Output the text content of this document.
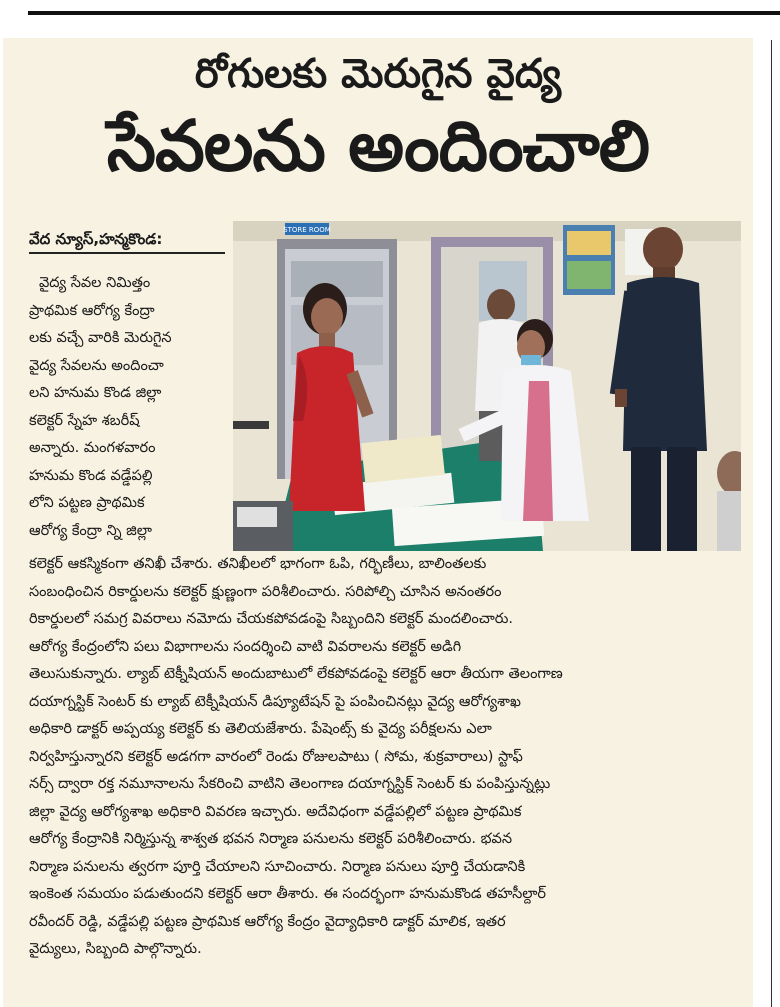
రోగులకు మెరుగైన వైద్య
సేవలను అందించాలి
వేద న్యూస్,హన్మకొండ:	STORE ROOM
వైద్య సేవల నిమిత్తం
ప్రాథమిక ఆరోగ్య కేంద్రా
లకు వచ్చే వారికి మెరుగైన
వైద్య సేవలను అందించా
లని హనుమ కొండ జిల్లా
కలెక్టర్ స్నేహ శబరీష్
అన్నారు. మంగళవారం
హనుమ కొండ వడ్డేపల్లి
లోని పట్టణ ప్రాథమిక
ఆరోగ్య కేంద్రా న్ని జిల్లా
కలెక్టర్ ఆకస్మికంగా తనిఖీ చేశారు. తనిఖీలలో భాగంగా ఓపి, గర్భిణీలు, బాలింతలకు
సంబంధించిన రికార్డులను కలెక్టర్ క్షుణ్ణంగా పరిశీలించారు. సరిపోల్చి చూసిన అనంతరం
రికార్డులలో సమగ్ర వివరాలు నమోదు చేయకపోవడంపై సిబ్బందిని కలెక్టర్ మందలించారు.
ఆరోగ్య కేంద్రంలోని పలు విభాగాలను సందర్శించి వాటి వివరాలను కలెక్టర్ అడిగి
తెలుసుకున్నారు. ల్యాబ్ టెక్నీషియన్ అందుబాటులో లేకపోవడంపై కలెక్టర్ ఆరా తీయగా తెలంగాణ
దయాగ్నస్టిక్ సెంటర్ కు ల్యాబ్ టెక్నీషియన్ డిప్యూటేషన్ పై పంపించినట్లు వైద్య ఆరోగ్యశాఖ
అధికారి డాక్టర్ అప్పయ్య కలెక్టర్ కు తెలియజేశారు. పేషెంట్స్ కు వైద్య పరీక్షలను ఎలా
నిర్వహిస్తున్నారని కలెక్టర్ అడగగా వారంలో రెండు రోజులపాటు ( సోమ, శుక్రవారాలు) స్టాఫ్
నర్స్ ద్వారా రక్త నమూనాలను సేకరించి వాటిని తెలంగాణ దయాగ్నస్టిక్ సెంటర్ కు పంపిస్తున్నట్లు
జిల్లా వైద్య ఆరోగ్యశాఖ అధికారి వివరణ ఇచ్చారు. అదేవిధంగా వడ్డేపల్లిలో పట్టణ ప్రాథమిక
ఆరోగ్య కేంద్రానికి నిర్మిస్తున్న శాశ్వత భవన నిర్మాణ పనులను కలెక్టర్ పరిశీలించారు. భవన
నిర్మాణ పనులను త్వరగా పూర్తి చేయాలని సూచించారు. నిర్మాణ పనులు పూర్తి చేయడానికి
ఇంకెంత సమయం పడుతుందని కలెక్టర్ ఆరా తీశారు. ఈ సందర్భంగా హనుమకొండ తహసీల్దార్
రవీందర్ రెడ్డి, వడ్డేపల్లి పట్టణ ప్రాథమిక ఆరోగ్య కేంద్రం వైద్యాధికారి డాక్టర్ మాలిక, ఇతర
వైద్యులు, సిబ్బంది పాల్గొన్నారు.
